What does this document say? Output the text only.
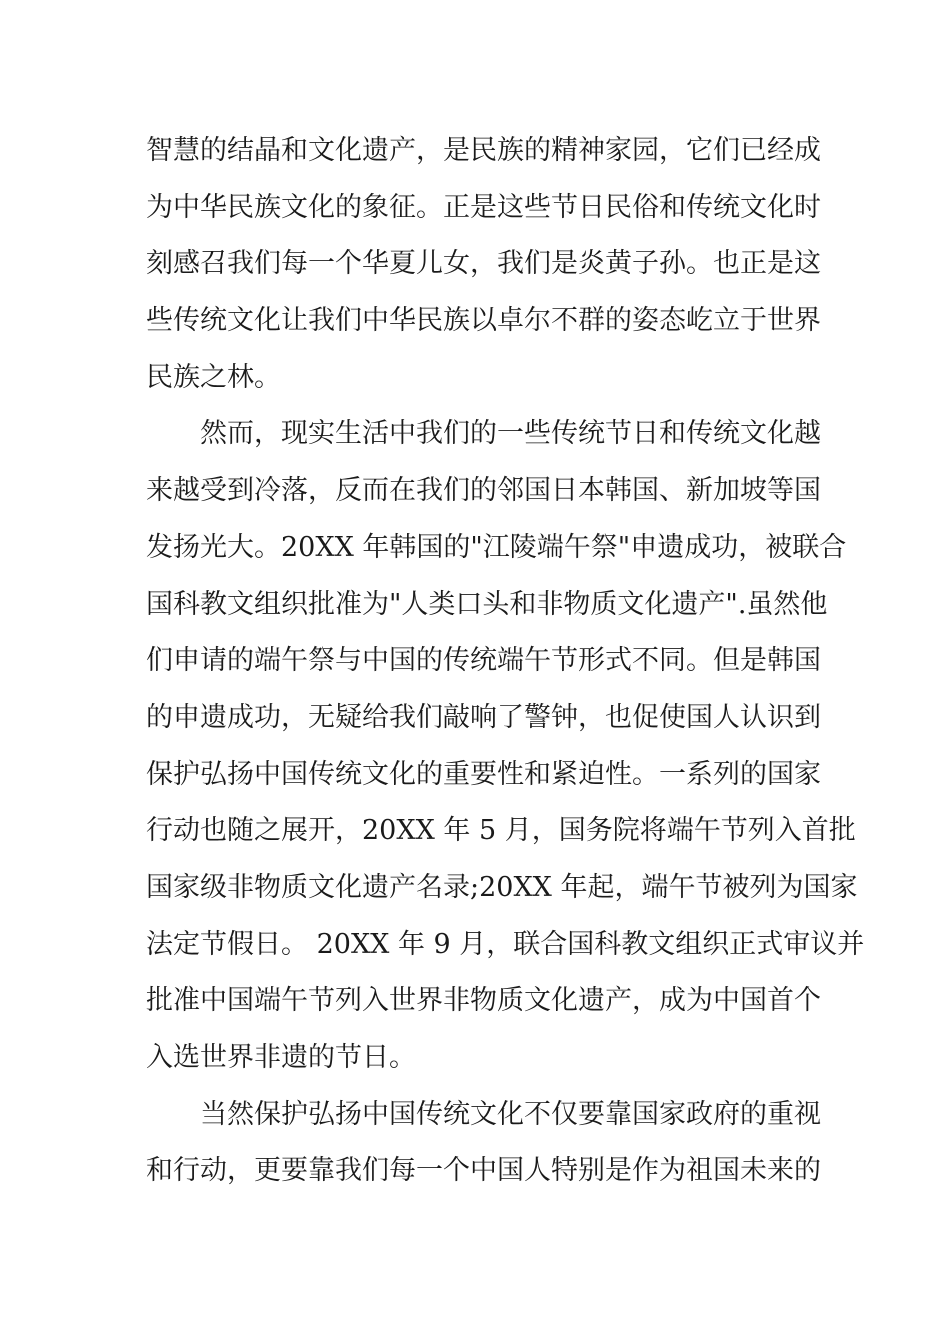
智慧的结晶和文化遗产，是民族的精神家园，它们已经成
为中华民族文化的象征。正是这些节日民俗和传统文化时
刻感召我们每一个华夏儿女，我们是炎黄子孙。也正是这
些传统文化让我们中华民族以卓尔不群的姿态屹立于世界
民族之林。
然而，现实生活中我们的一些传统节日和传统文化越
来越受到冷落，反而在我们的邻国日本韩国、新加坡等国
发扬光大。20XX 年韩国的"江陵端午祭"申遗成功，被联合
国科教文组织批准为"人类口头和非物质文化遗产".虽然他
们申请的端午祭与中国的传统端午节形式不同。但是韩国
的申遗成功，无疑给我们敲响了警钟，也促使国人认识到
保护弘扬中国传统文化的重要性和紧迫性。一系列的国家
行动也随之展开，20XX 年 5 月，国务院将端午节列入首批
国家级非物质文化遗产名录;20XX 年起，端午节被列为国家
法定节假日。 20XX 年 9 月，联合国科教文组织正式审议并
批准中国端午节列入世界非物质文化遗产，成为中国首个
入选世界非遗的节日。
当然保护弘扬中国传统文化不仅要靠国家政府的重视
和行动，更要靠我们每一个中国人特别是作为祖国未来的
